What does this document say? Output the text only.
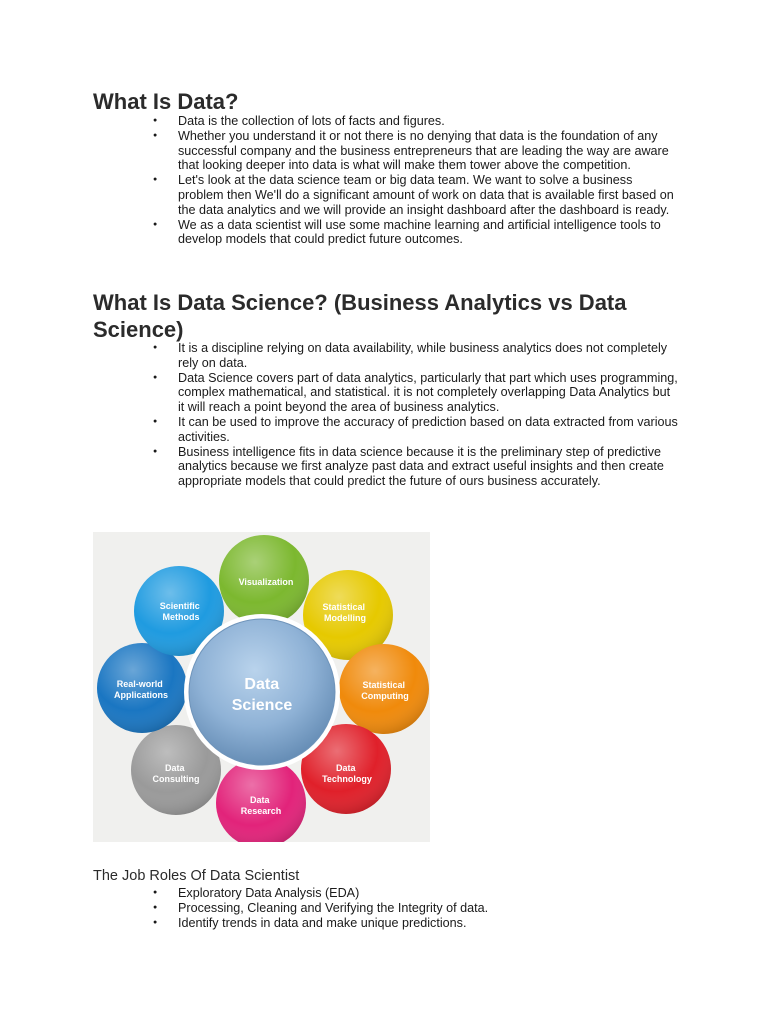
What Is Data?
● Data is the collection of lots of facts and figures.
● Whether you understand it or not there is no denying that data is the foundation of any successful company and the business entrepreneurs that are leading the way are aware that looking deeper into data is what will make them tower above the competition.
● Let's look at the data science team or big data team. We want to solve a business problem then We'll do a significant amount of work on data that is available first based on the data analytics and we will provide an insight dashboard after the dashboard is ready.
● We as a data scientist will use some machine learning and artificial intelligence tools to develop models that could predict future outcomes.
What Is Data Science? (Business Analytics vs Data Science)
● It is a discipline relying on data availability, while business analytics does not completely rely on data.
● Data Science covers part of data analytics, particularly that part which uses programming, complex mathematical, and statistical. it is not completely overlapping Data Analytics but it will reach a point beyond the area of business analytics.
● It can be used to improve the accuracy of prediction based on data extracted from various activities.
● Business intelligence fits in data science because it is the preliminary step of predictive analytics because we first analyze past data and extract useful insights and then create appropriate models that could predict the future of ours business accurately.
Visualization
Statistical Modelling
Statistical Computing
Data Technology
Data Research
Data Consulting
Real-world Applications
Scientific Methods
Data Science
The Job Roles Of Data Scientist
● Exploratory Data Analysis (EDA)
● Processing, Cleaning and Verifying the Integrity of data.
● Identify trends in data and make unique predictions.
